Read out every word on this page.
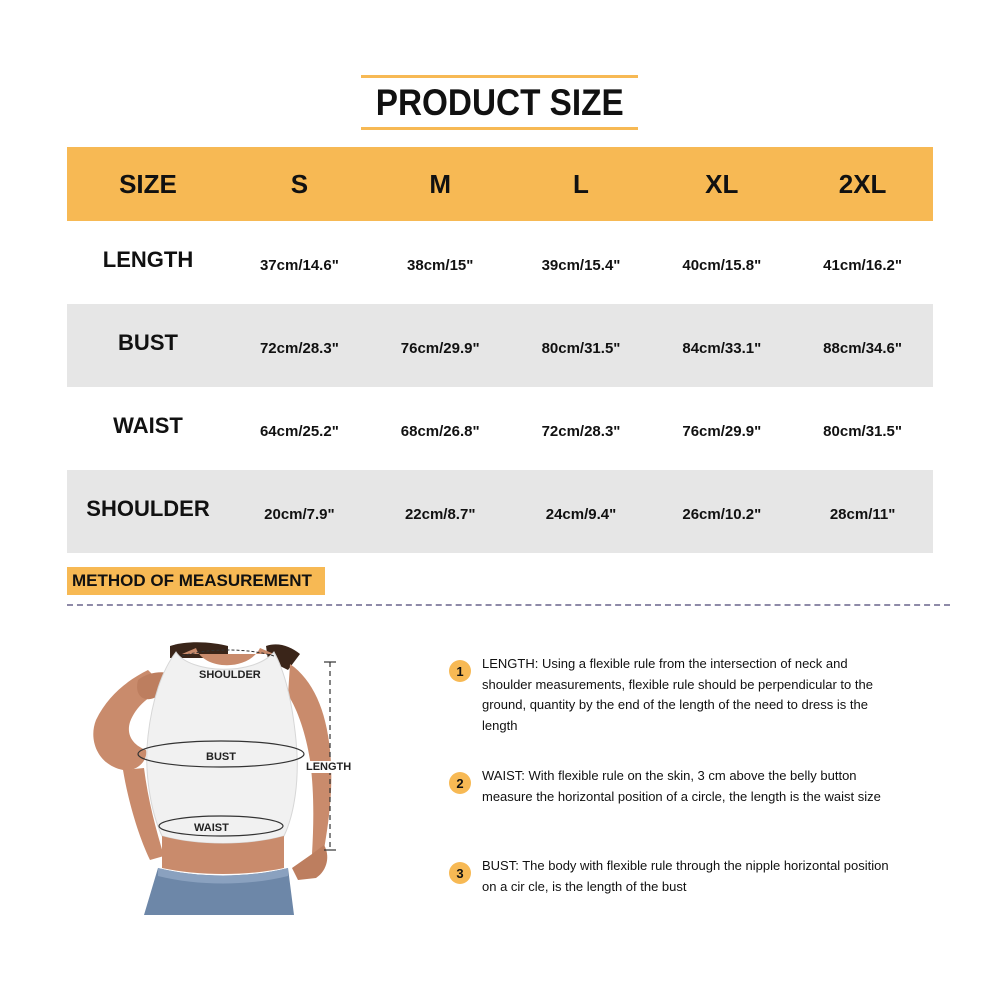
PRODUCT SIZE
SIZE	S	M	L	XL	2XL
LENGTH	37cm/14.6"	38cm/15"	39cm/15.4"	40cm/15.8"	41cm/16.2"
BUST	72cm/28.3"	76cm/29.9"	80cm/31.5"	84cm/33.1"	88cm/34.6"
WAIST	64cm/25.2"	68cm/26.8"	72cm/28.3"	76cm/29.9"	80cm/31.5"
SHOULDER	20cm/7.9"	22cm/8.7"	24cm/9.4"	26cm/10.2"	28cm/11"
METHOD OF MEASUREMENT
SHOULDER
BUST
WAIST
LENGTH
1	LENGTH: Using a flexible rule from the intersection of neck and shoulder measurements, flexible rule should be perpendicular to the ground, quantity by the end of the length of the need to dress is the length
2	WAIST: With flexible rule on the skin, 3 cm above the belly button measure the horizontal position of a circle, the length is the waist size
3	BUST: The body with flexible rule through the nipple horizontal position on a cir cle, is the length of the bust
